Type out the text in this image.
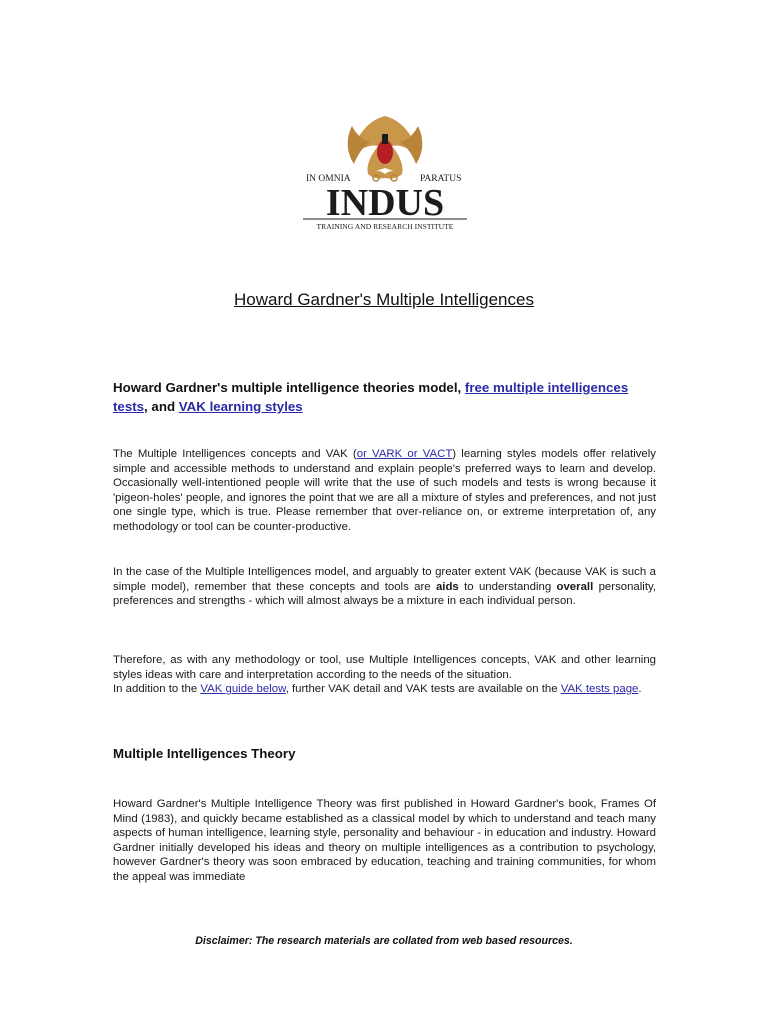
IN OMNIA	PARATUS
INDUS
TRAINING AND RESEARCH INSTITUTE
Howard Gardner's Multiple Intelligences
Howard Gardner's multiple intelligence theories model, free multiple intelligences tests, and VAK learning styles
The Multiple Intelligences concepts and VAK (or VARK or VACT) learning styles models offer relatively simple and accessible methods to understand and explain people's preferred ways to learn and develop. Occasionally well-intentioned people will write that the use of such models and tests is wrong because it 'pigeon-holes' people, and ignores the point that we are all a mixture of styles and preferences, and not just one single type, which is true. Please remember that over-reliance on, or extreme interpretation of, any methodology or tool can be counter-productive.
In the case of the Multiple Intelligences model, and arguably to greater extent VAK (because VAK is such a simple model), remember that these concepts and tools are aids to understanding overall personality, preferences and strengths - which will almost always be a mixture in each individual person.
Therefore, as with any methodology or tool, use Multiple Intelligences concepts, VAK and other learning styles ideas with care and interpretation according to the needs of the situation.
In addition to the VAK guide below, further VAK detail and VAK tests are available on the VAK tests page.
Multiple Intelligences Theory
Howard Gardner's Multiple Intelligence Theory was first published in Howard Gardner's book, Frames Of Mind (1983), and quickly became established as a classical model by which to understand and teach many aspects of human intelligence, learning style, personality and behaviour - in education and industry. Howard Gardner initially developed his ideas and theory on multiple intelligences as a contribution to psychology, however Gardner's theory was soon embraced by education, teaching and training communities, for whom the appeal was immediate
Disclaimer: The research materials are collated from web based resources.
